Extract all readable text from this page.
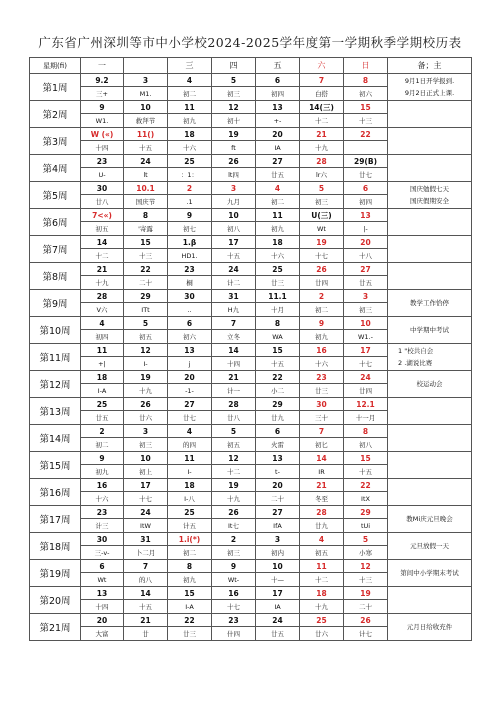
广东省广州深圳等市中小学校2024-2025学年度第一学期秋季学期校历表
星期(fi)	一		三	四	五	六	日	备；主
第1周	9.2	3	4	5	6	7	8	9月1日开学报到.
9月2日正式上课.

	三+	M1.	初二	初三	初四	白搭	初六	
第2周	9	10	11	12	13	14(三)	15	
	W1.	救拜节	初九	初十	+-	十二	十三	
第3周	W («)	11()	18	19	20	21	22	
	十四	十五	十六	ft	IA	十九		
第4周	23	24	25	26	27	28	29(B)	
	U-	lt	：1：	lt四	廿五	lr六	廿七	
第5周	30	10.1	2	3	4	5	6	国庆勉假七天
国庆假期安全

	廿八	国庆节	.1	九月	初二	初三	初四	
第6周	7<«)	8	9	10	11	U(三)	13	
	初五	'寄露	初七	初八	初九	Wt	|-	
第7周	14	15	1.β	17	18	19	20	
	十二	十三	HD1.	十五	十六	十七	十八	
第8周	21	22	23	24	25	26	27	
	十九	二十	桐	计二	廿三	廿四	廿五	
第9周	28	29	30	31	11.1	2	3	教学工作恰停

	V六	ITt	..	H九	十月	初二	初三	
第10周	4	5	6	7	8	9	10	中学期中考试

	初四	初五	初六	立冬	WA	初九	W1.-	
第11周	11	12	13	14	15	16	17	1 "校共自会
2 .湖说比赛

	+|	I-	j	十四	十五	十六	十七	
第12周	18	19	20	21	22	23	24	校运动会

	I-A	十九	-1-	计一	小二	廿三	廿四	
第13周	25	26	27	28	29	30	12.1	
	廿五	廿六	廿七	廿八	廿九	三十	十一月	
第14周	2	3	4	5	6	7	8	
	初二	初三	的四	初五	火雷	初匕	初八	
第15周	9	10	11	12	13	14	15	
	初九	初上	I-	十二	t-	IR	十五	
第16周	16	17	18	19	20	21	22	
	十六	十七	I-八	十九	二十	冬至	ItX	
第17周	23	24	25	26	27	28	29	教Mi庆元旦晚会

	计三	ItW	计五	It七	IfA	廿九	tUi	
第18周	30	31	1.i(*)	2	3	4	5	元旦放假一天

	三-v-	卜二月	初二	初三	初内	初五	小寒	
第19周	6	7	8	9	10	11	12	第间中小学期末考试

	Wt	的八	初九	Wt-	十—	十二	十三	
第20周	13	14	15	16	17	18	19	
	十四	十五	I-A	十七	IA	十九	二十	
第21周	20	21	22	23	24	25	26	元月日给收充件

	大富	廿	廿三	什四	廿五	廿六	计七	
